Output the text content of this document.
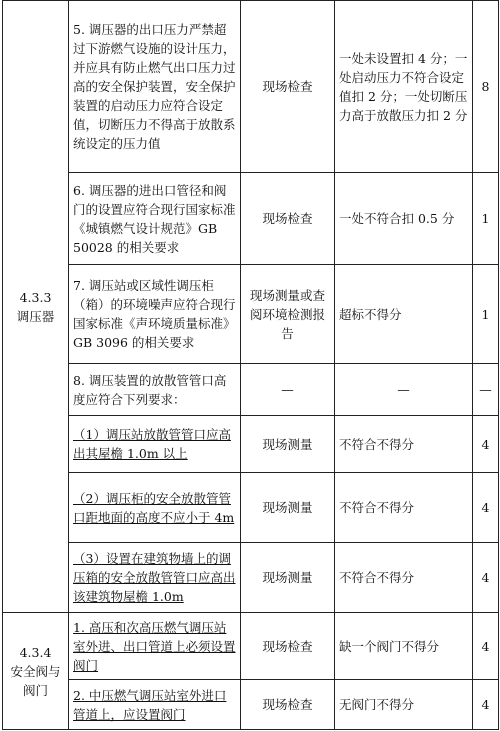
4.3.3
调压器	5. 调压器的出口压力严禁超过下游燃气设施的设计压力，并应具有防止燃气出口压力过高的安全保护装置，安全保护装置的启动压力应符合设定值，切断压力不得高于放散系统设定的压力值	现场检查	一处未设置扣 4 分；一处启动压力不符合设定值扣 2 分；一处切断压力高于放散压力扣 2 分	8
	6. 调压器的进出口管径和阀门的设置应符合现行国家标准《城镇燃气设计规范》GB 50028 的相关要求	现场检查	一处不符合扣 0.5 分	1
	7. 调压站或区域性调压柜（箱）的环境噪声应符合现行国家标准《声环境质量标准》GB 3096 的相关要求	现场测量或查阅环境检测报告	超标不得分	1
	8. 调压装置的放散管管口高度应符合下列要求：	—	—	—
	（1）调压站放散管管口应高出其屋檐 1.0m 以上	现场测量	不符合不得分	4
	（2）调压柜的安全放散管管口距地面的高度不应小于 4m	现场测量	不符合不得分	4
	（3）设置在建筑物墙上的调压箱的安全放散管管口应高出该建筑物屋檐 1.0m	现场测量	不符合不得分	4

4.3.4
安全阀与阀门	1. 高压和次高压燃气调压站室外进、出口管道上必须设置阀门	现场检查	缺一个阀门不得分	4
	2. 中压燃气调压站室外进口管道上，应设置阀门	现场检查	无阀门不得分	4
